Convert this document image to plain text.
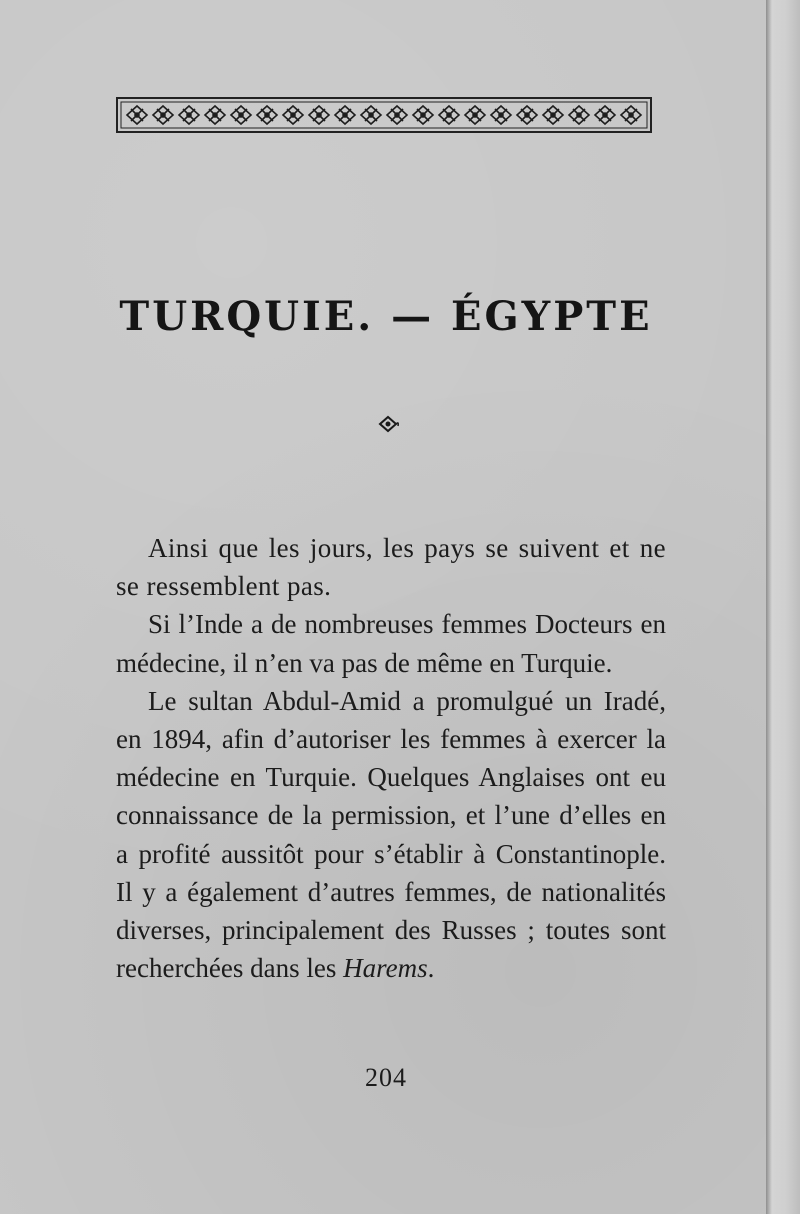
TURQUIE. — ÉGYPTE

Ainsi que les jours, les pays se suivent et ne se ressemblent pas.

Si l’Inde a de nombreuses femmes Docteurs en médecine, il n’en va pas de même en Turquie.

Le sultan Abdul-Amid a promulgué un Iradé, en 1894, afin d’autoriser les femmes à exercer la médecine en Turquie. Quelques Anglaises ont eu connaissance de la permission, et l’une d’elles en a profité aussitôt pour s’établir à Constantinople. Il y a également d’autres femmes, de nationalités diverses, principalement des Russes ; toutes sont recherchées dans les Harems.

204
